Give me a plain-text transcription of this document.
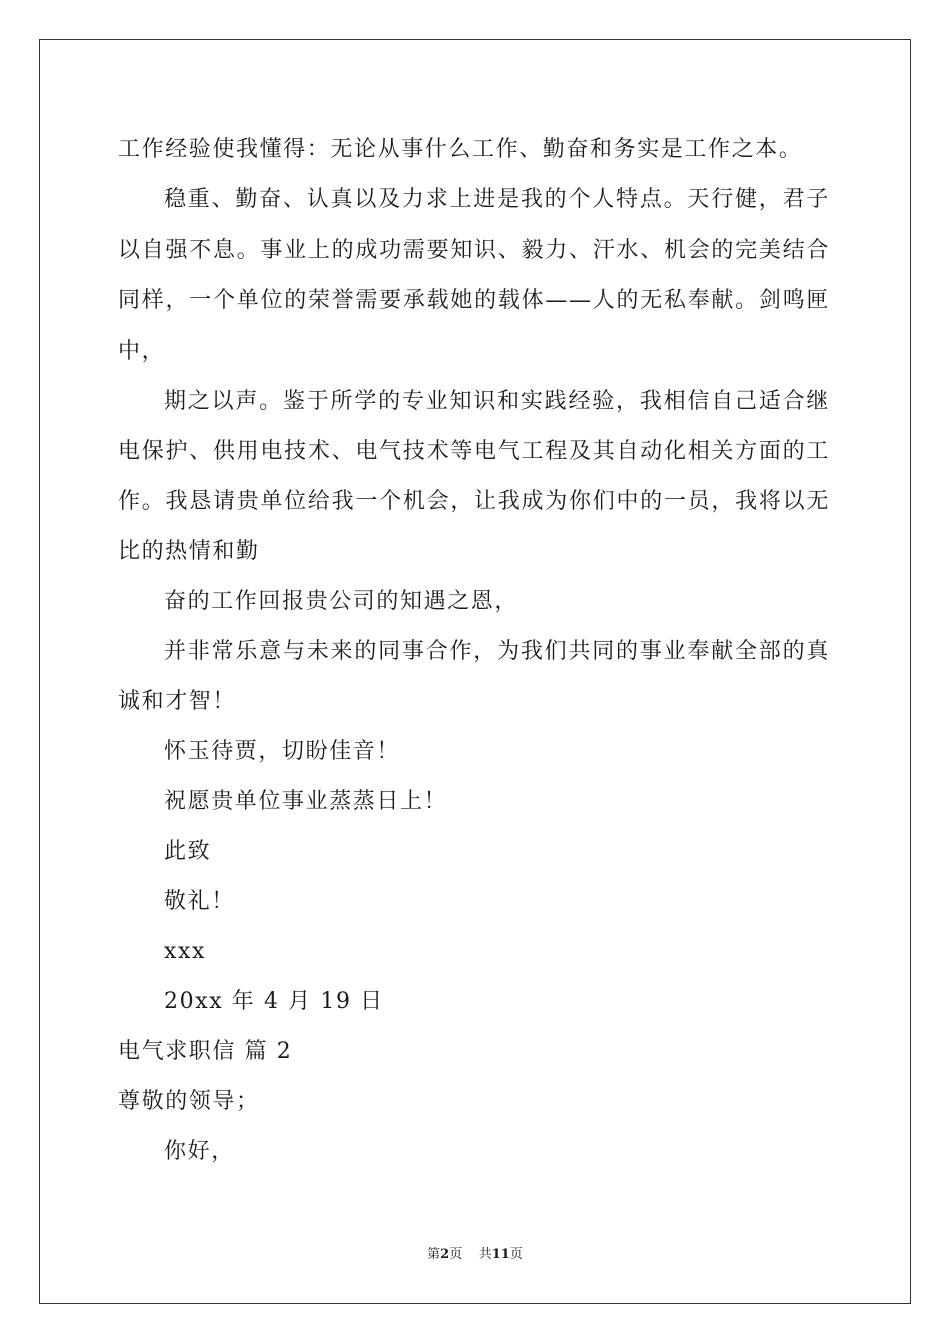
工作经验使我懂得：无论从事什么工作、勤奋和务实是工作之本。
稳重、勤奋、认真以及力求上进是我的个人特点。天行健，君子
以自强不息。事业上的成功需要知识、毅力、汗水、机会的完美结合
同样，一个单位的荣誉需要承载她的载体——人的无私奉献。剑鸣匣
中，
期之以声。鉴于所学的专业知识和实践经验，我相信自己适合继
电保护、供用电技术、电气技术等电气工程及其自动化相关方面的工
作。我恳请贵单位给我一个机会，让我成为你们中的一员，我将以无
比的热情和勤
奋的工作回报贵公司的知遇之恩，
并非常乐意与未来的同事合作，为我们共同的事业奉献全部的真
诚和才智！
怀玉待贾，切盼佳音！
祝愿贵单位事业蒸蒸日上！
此致
敬礼！
xxx
20xx 年 4 月 19 日
电气求职信 篇 2
尊敬的领导；
你好，
第2页    共11页
